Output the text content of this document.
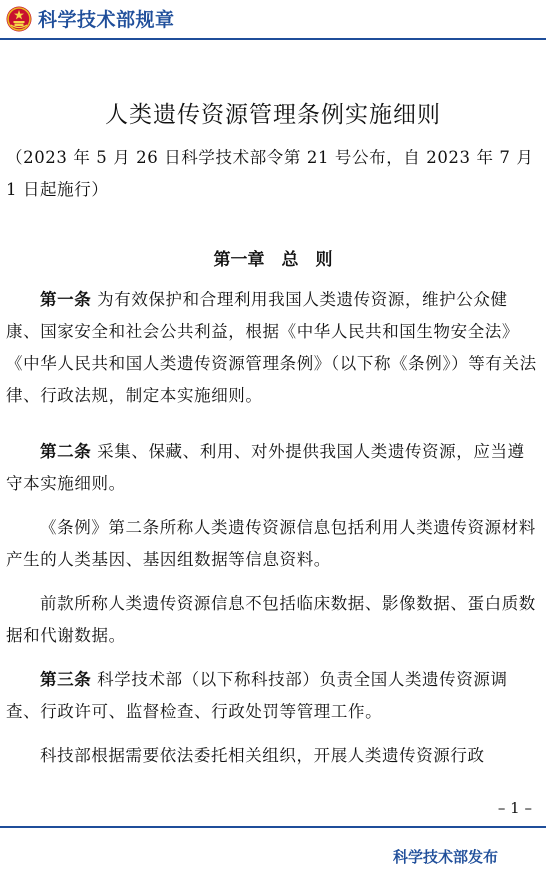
科学技术部规章
人类遗传资源管理条例实施细则
（2023 年 5 月 26 日科学技术部令第 21 号公布，自 2023 年 7 月 1 日起施行）
第一章　总　则
第一条 为有效保护和合理利用我国人类遗传资源，维护公众健康、国家安全和社会公共利益，根据《中华人民共和国生物安全法》《中华人民共和国人类遗传资源管理条例》（以下称《条例》）等有关法律、行政法规，制定本实施细则。
第二条 采集、保藏、利用、对外提供我国人类遗传资源，应当遵守本实施细则。
《条例》第二条所称人类遗传资源信息包括利用人类遗传资源材料产生的人类基因、基因组数据等信息资料。
前款所称人类遗传资源信息不包括临床数据、影像数据、蛋白质数据和代谢数据。
第三条 科学技术部（以下称科技部）负责全国人类遗传资源调查、行政许可、监督检查、行政处罚等管理工作。
科技部根据需要依法委托相关组织，开展人类遗传资源行政
– 1 –
科学技术部发布
